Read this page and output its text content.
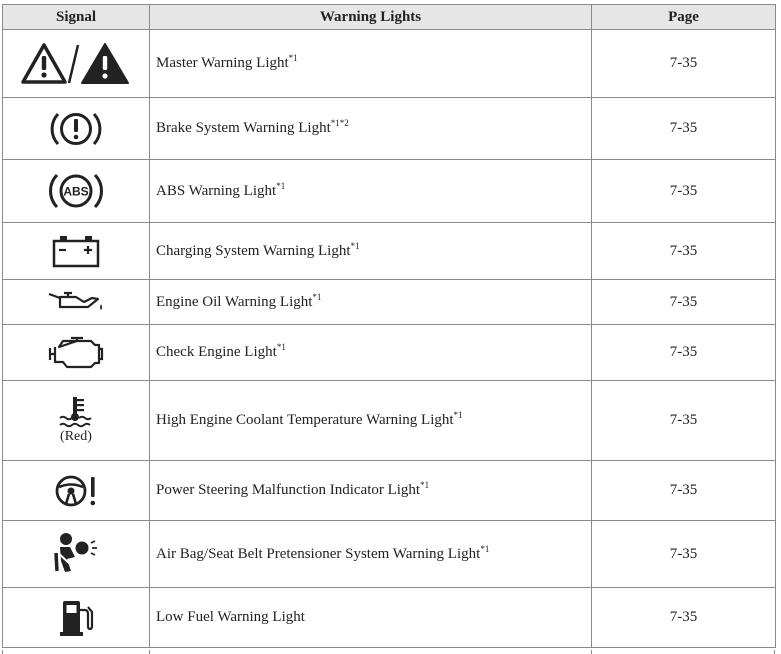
Signal	Warning Lights	Page
	Master Warning Light$^{*1}$	7-35
	Brake System Warning Light$^{*1*2}$	7-35

ABS	ABS Warning Light$^{*1}$	7-35
	Charging System Warning Light$^{*1}$	7-35
	Engine Oil Warning Light$^{*1}$	7-35
	Check Engine Light$^{*1}$	7-35

(Red)	High Engine Coolant Temperature Warning Light$^{*1}$	7-35
	Power Steering Malfunction Indicator Light$^{*1}$	7-35
	Air Bag/Seat Belt Pretensioner System Warning Light$^{*1}$	7-35
	Low Fuel Warning Light	7-35
